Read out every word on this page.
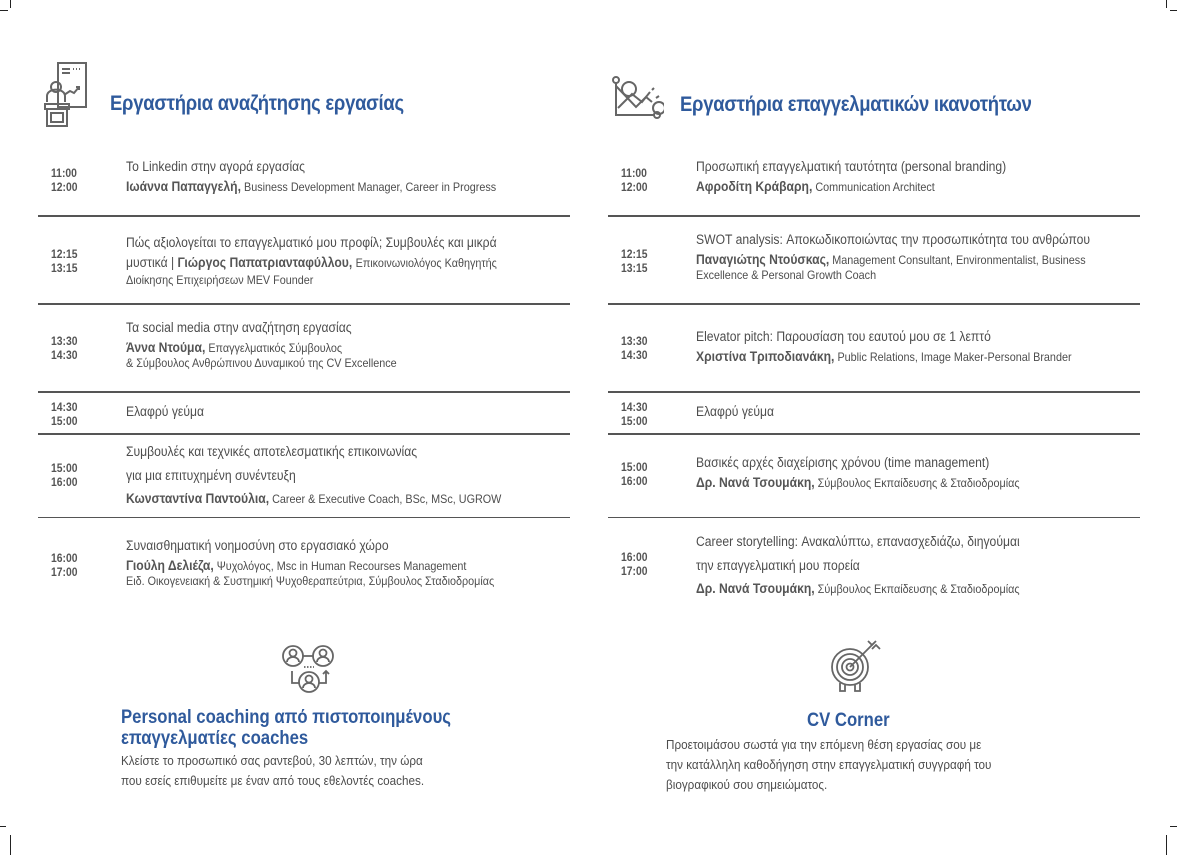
Εργαστήρια αναζήτησης εργασίας	Εργαστήρια επαγγελματικών ικανοτήτων
11:00
12:00
Το Linkedin στην αγορά εργασίας
Ιωάννα Παπαγγελή, Business Development Manager, Career in Progress
12:15
13:15
Πώς αξιολογείται το επαγγελματικό μου προφίλ; Συμβουλές και μικρά
μυστικά | Γιώργος Παπατριανταφύλλου, Επικοινωνιολόγος Καθηγητής
Διοίκησης Επιχειρήσεων MEV Founder
13:30
14:30
Τα social media στην αναζήτηση εργασίας
Άννα Ντούμα, Επαγγελματικός Σύμβουλος
& Σύμβουλος Ανθρώπινου Δυναμικού της CV Excellence
14:30
15:00
Ελαφρύ γεύμα
15:00
16:00
Συμβουλές και τεχνικές αποτελεσματικής επικοινωνίας
για μια επιτυχημένη συνέντευξη
Κωνσταντίνα Παντούλια, Career & Executive Coach, BSc, MSc, UGROW
16:00
17:00
Συναισθηματική νοημοσύνη στο εργασιακό χώρο
Γιούλη Δελιέζα, Ψυχολόγος, Msc in Human Recourses Management
Ειδ. Οικογενειακή & Συστημική Ψυχοθεραπεύτρια, Σύμβουλος Σταδιοδρομίας
11:00
12:00
Προσωπική επαγγελματική ταυτότητα (personal branding)
Αφροδίτη Κράβαρη, Communication Architect
12:15
13:15
SWOT analysis: Αποκωδικοποιώντας την προσωπικότητα του ανθρώπου
Παναγιώτης Ντούσκας, Management Consultant, Environmentalist, Business
Excellence & Personal Growth Coach
13:30
14:30
Elevator pitch: Παρουσίαση του εαυτού μου σε 1 λεπτό
Χριστίνα Τριποδιανάκη, Public Relations, Image Maker-Personal Brander
14:30
15:00
Ελαφρύ γεύμα
15:00
16:00
Βασικές αρχές διαχείρισης χρόνου (time management)
Δρ. Νανά Τσουμάκη, Σύμβουλος Εκπαίδευσης & Σταδιοδρομίας
16:00
17:00
Career storytelling: Ανακαλύπτω, επανασχεδιάζω, διηγούμαι
την επαγγελματική μου πορεία
Δρ. Νανά Τσουμάκη, Σύμβουλος Εκπαίδευσης & Σταδιοδρομίας
Personal coaching από πιστοποιημένους
επαγγελματίες coaches
Κλείστε το προσωπικό σας ραντεβού, 30 λεπτών, την ώρα
που εσείς επιθυμείτε με έναν από τους εθελοντές coaches.
CV Corner
Προετοιμάσου σωστά για την επόμενη θέση εργασίας σου με
την κατάλληλη καθοδήγηση στην επαγγελματική συγγραφή του
βιογραφικού σου σημειώματος.
